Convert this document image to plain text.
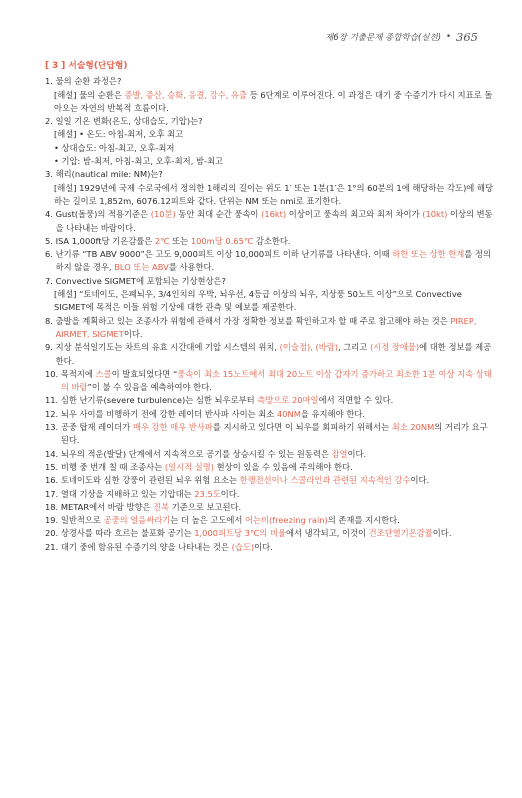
제6장 기출문제 종합학습(실전) • 365
[ 3 ] 서술형(단답형)
1. 물의 순환 과정은?
[해설] 물의 순환은 증발, 증산, 승화, 응결, 강수, 유출 등 6단계로 이루어진다. 이 과정은 대기 중 수증기가 다시 지표로 돌아오는 자연의 반복적 흐름이다.
2. 일일 기온 변화(온도, 상대습도, 기압)는?
[해설] • 온도: 아침-최저, 오후 최고
• 상대습도: 아침-최고, 오후-최저
• 기압: 밤-최저, 아침-최고, 오후-최저, 밤-최고
3. 해리(nautical mile: NM)는?
[해설] 1929년에 국제 수로국에서 정의한 1해리의 길이는 위도 1′ 또는 1분(1′은 1°의 60분의 1에 해당하는 각도)에 해당하는 길이로 1,852m, 6076.12피트와 같다. 단위는 NM 또는 nmi로 표기한다.
4. Gust(돌풍)의 적용기준은 (10분) 동안 최대 순간 풍속이 (16kt) 이상이고 풍속의 최고와 최저 차이가 (10kt) 이상의 변동을 나타내는 바람이다.
5. ISA 1,000ft당 기온감률은 2℃ 또는 100m당 0.65℃ 감소한다.
6. 난기류 “TB ABV 9000”은 고도 9,000피트 이상 10,000피트 이하 난기류를 나타낸다. 이때 하한 또는 상한 한계를 정의하지 않을 경우, BLO 또는 ABV를 사용한다.
7. Convective SIGMET에 포함되는 기상현상은?
[해설] “토네이도, 은폐뇌우, 3/4인치의 우박, 뇌우선, 4등급 이상의 뇌우, 지상풍 50노트 이상”으로 Convective SIGMET에 목적은 이들 위험 기상에 대한 관측 및 예보를 제공한다.
8. 출발을 계획하고 있는 조종사가 위험에 관해서 가장 정확한 정보를 확인하고자 할 때 주로 참고해야 하는 것은 PIREP, AIRMET, SIGMET이다.
9. 지상 분석일기도는 차트의 유효 시간대에 기압 시스템의 위치, (이슬점), (바람), 그리고 (시정 장애물)에 대한 정보를 제공한다.
10. 목적지에 스콜이 발효되었다면 “풍속이 최소 15노트에서 최대 20노트 이상 갑자기 증가하고 최소한 1분 이상 지속 상태의 바람”이 불 수 있음을 예측하여야 한다.
11. 심한 난기류(severe turbulence)는 심한 뇌우로부터 측방으로 20마일에서 직면할 수 있다.
12. 뇌우 사이를 비행하기 전에 강한 레이더 반사파 사이는 최소 40NM을 유지해야 한다.
13. 공중 탑재 레이더가 매우 강한 매우 반사파를 지시하고 있다면 이 뇌우를 회피하기 위해서는 최소 20NM의 거리가 요구된다.
14. 뇌우의 적운(발달) 단계에서 지속적으로 공기를 상승시킬 수 있는 원동력은 잠열이다.
15. 비행 중 번개 칠 때 조종사는 (일시적 실명) 현상이 있을 수 있음에 주의해야 한다.
16. 토네이도와 심한 강풍이 관련된 뇌우 위험 요소는 한랭전선이나 스콜라인과 관련된 지속적인 강수이다.
17. 열대 기상을 지배하고 있는 기압대는 23.5도이다.
18. METAR에서 바람 방향은 진북 기준으로 보고된다.
19. 일반적으로 공중의 얼음싸라기는 더 높은 고도에서 어는비(freezing rain)의 존재를 지시한다.
20. 상경사를 따라 흐르는 불포화 공기는 1,000피트당 3℃의 비율에서 냉각되고, 이것이 건조단열기온감률이다.
21. 대기 중에 함유된 수증기의 양을 나타내는 것은 (습도)이다.
